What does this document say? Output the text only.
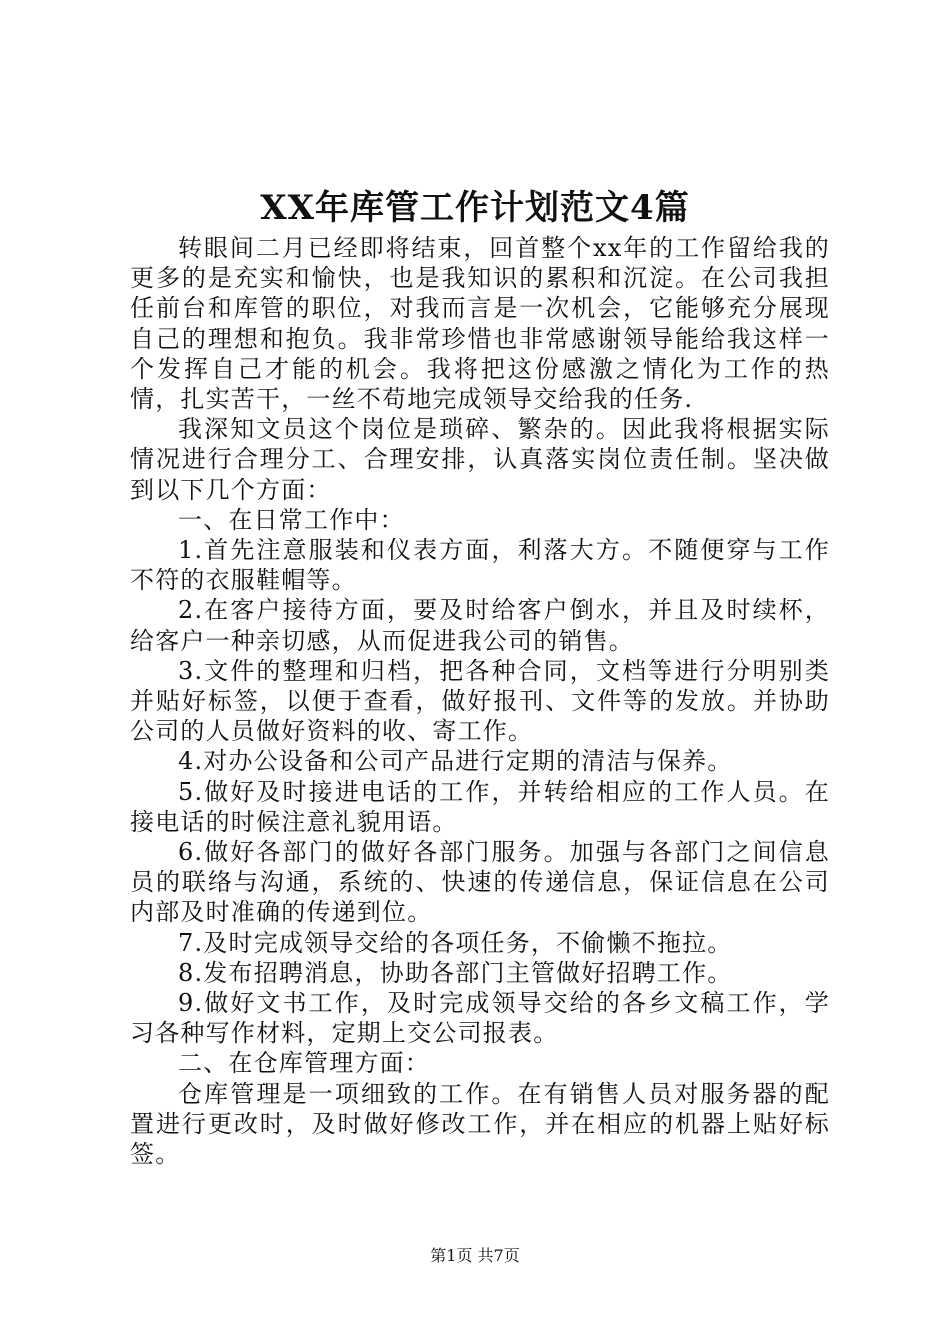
XX年库管工作计划范文4篇

转眼间二月已经即将结束，回首整个xx年的工作留给我的更多的是充实和愉快，也是我知识的累积和沉淀。在公司我担任前台和库管的职位，对我而言是一次机会，它能够充分展现自己的理想和抱负。我非常珍惜也非常感谢领导能给我这样一个发挥自己才能的机会。我将把这份感激之情化为工作的热情，扎实苦干，一丝不苟地完成领导交给我的任务.

我深知文员这个岗位是琐碎、繁杂的。因此我将根据实际情况进行合理分工、合理安排，认真落实岗位责任制。坚决做到以下几个方面：

一、在日常工作中：

1.首先注意服装和仪表方面，利落大方。不随便穿与工作不符的衣服鞋帽等。

2.在客户接待方面，要及时给客户倒水，并且及时续杯，给客户一种亲切感，从而促进我公司的销售。

3.文件的整理和归档，把各种合同，文档等进行分明别类并贴好标签，以便于查看，做好报刊、文件等的发放。并协助公司的人员做好资料的收、寄工作。

4.对办公设备和公司产品进行定期的清洁与保养。

5.做好及时接进电话的工作，并转给相应的工作人员。在接电话的时候注意礼貌用语。

6.做好各部门的做好各部门服务。加强与各部门之间信息员的联络与沟通，系统的、快速的传递信息，保证信息在公司内部及时准确的传递到位。

7.及时完成领导交给的各项任务，不偷懒不拖拉。

8.发布招聘消息，协助各部门主管做好招聘工作。

9.做好文书工作，及时完成领导交给的各乡文稿工作，学习各种写作材料，定期上交公司报表。

二、在仓库管理方面：

仓库管理是一项细致的工作。在有销售人员对服务器的配置进行更改时，及时做好修改工作，并在相应的机器上贴好标签。

第1页 共7页
